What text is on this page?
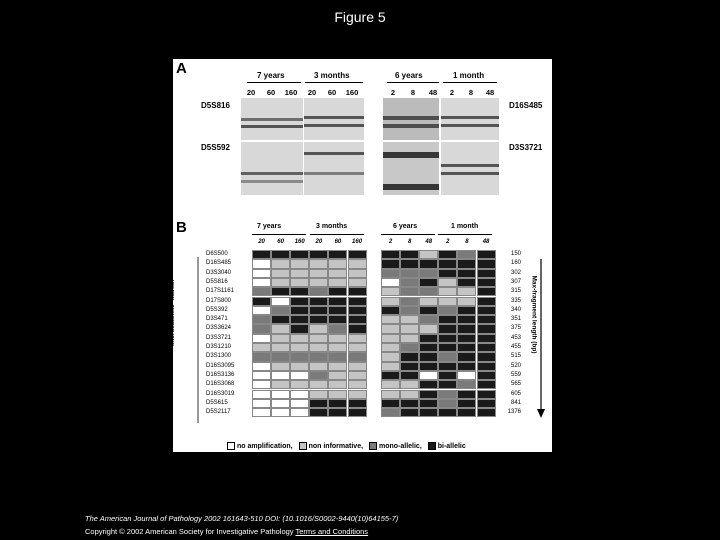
Figure 5
A	7 years	3 months	6 years	1 month
20	60	160	20	60	160	2	8	48	2	8	48
D5S816
D5S592
D16S485
D3S3721
B	7 years	3 months	6 years	1 month
20	60	160	20	60	160	2	8	48	2	8	48
D6S500	150
D16S485	160
D3S3040	302
D5S816	307
D17S1161	315
D17S800	335
D5S392	340
D3S471	351
D3S3624	375
D3S3721	453
D3S1210	455
D3S1300	515
D16S3095	520
D16S3136	559
D16S3068	565
D16S3019	605
D5S615	841
D5S2117	1376
Microsatellite -Marker	Max-fragment length (bp)
no amplification, non informative, mono-allelic, bi-allelic
The American Journal of Pathology 2002 161643-510 DOI: (10.1016/S0002-9440(10)64155-7)
Copyright © 2002 American Society for Investigative Pathology Terms and Conditions
